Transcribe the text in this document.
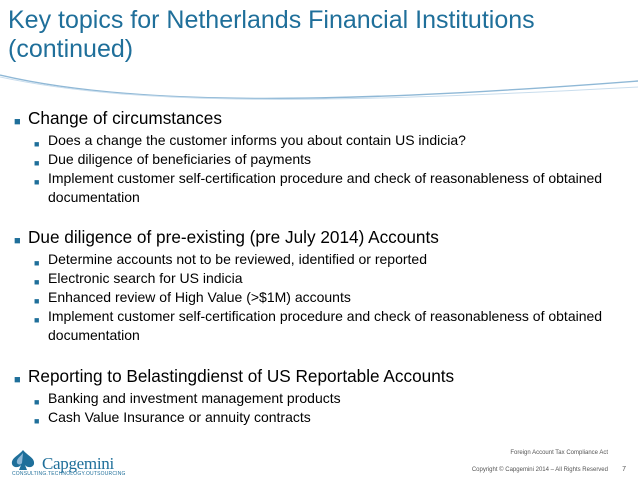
Key topics for Netherlands Financial Institutions (continued)
■ Change of circumstances
■ Does a change the customer informs you about contain US indicia?
■ Due diligence of beneficiaries of payments
■ Implement customer self-certification procedure and check of reasonableness of obtained documentation
■ Due diligence of pre-existing (pre July 2014) Accounts
■ Determine accounts not to be reviewed, identified or reported
■ Electronic search for US indicia
■ Enhanced review of High Value (>$1M) accounts
■ Implement customer self-certification procedure and check of reasonableness of obtained documentation
■ Reporting to Belastingdienst of US Reportable Accounts
■ Banking and investment management products
■ Cash Value Insurance or annuity contracts
Capgemini
CONSULTING.TECHNOLOGY.OUTSOURCING
Foreign Account Tax Compliance Act
Copyright © Capgemini 2014 – All Rights Reserved 7
